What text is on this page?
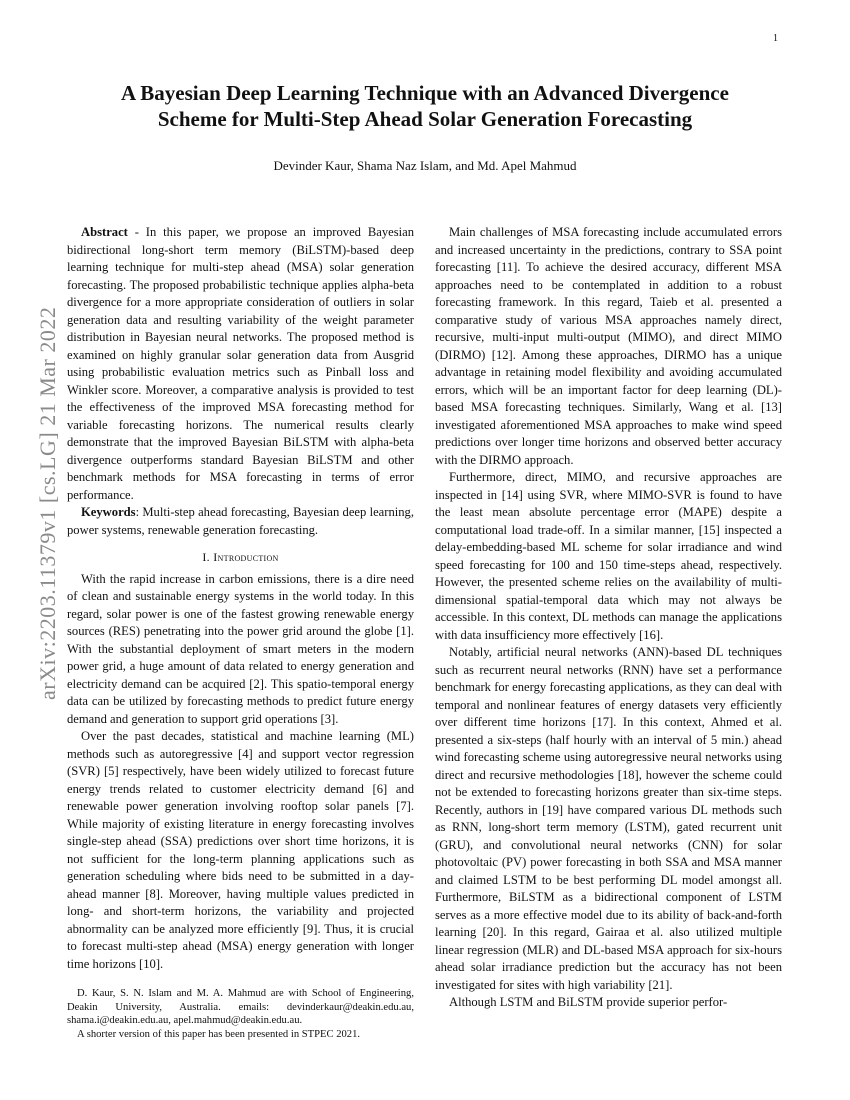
1
arXiv:2203.11379v1 [cs.LG] 21 Mar 2022
A Bayesian Deep Learning Technique with an Advanced Divergence
Scheme for Multi-Step Ahead Solar Generation Forecasting
Devinder Kaur, Shama Naz Islam, and Md. Apel Mahmud

Abstract - In this paper, we propose an improved Bayesian bidirectional long-short term memory (BiLSTM)-based deep learning technique for multi-step ahead (MSA) solar generation forecasting. The proposed probabilistic technique applies alpha-beta divergence for a more appropriate consideration of outliers in solar generation data and resulting variability of the weight parameter distribution in Bayesian neural networks. The proposed method is examined on highly granular solar generation data from Ausgrid using probabilistic evaluation metrics such as Pinball loss and Winkler score. Moreover, a comparative analysis is provided to test the effectiveness of the improved MSA forecasting method for variable forecasting horizons. The numerical results clearly demonstrate that the improved Bayesian BiLSTM with alpha-beta divergence outperforms standard Bayesian BiLSTM and other benchmark methods for MSA forecasting in terms of error performance.

Keywords: Multi-step ahead forecasting, Bayesian deep learning, power systems, renewable generation forecasting.

I. Introduction

With the rapid increase in carbon emissions, there is a dire need of clean and sustainable energy systems in the world today. In this regard, solar power is one of the fastest growing renewable energy sources (RES) penetrating into the power grid around the globe [1]. With the substantial deployment of smart meters in the modern power grid, a huge amount of data related to energy generation and electricity demand can be acquired [2]. This spatio-temporal energy data can be utilized by forecasting methods to predict future energy demand and generation to support grid operations [3].

Over the past decades, statistical and machine learning (ML) methods such as autoregressive [4] and support vector regression (SVR) [5] respectively, have been widely utilized to forecast future energy trends related to customer electricity demand [6] and renewable power generation involving rooftop solar panels [7]. While majority of existing literature in energy forecasting involves single-step ahead (SSA) predictions over short time horizons, it is not sufficient for the long-term planning applications such as generation scheduling where bids need to be submitted in a day-ahead manner [8]. Moreover, having multiple values predicted in long- and short-term horizons, the variability and projected abnormality can be analyzed more efficiently [9]. Thus, it is crucial to forecast multi-step ahead (MSA) energy generation with longer time horizons [10].

D. Kaur, S. N. Islam and M. A. Mahmud are with School of Engineering, Deakin University, Australia. emails: devinderkaur@deakin.edu.au, shama.i@deakin.edu.au, apel.mahmud@deakin.edu.au.

A shorter version of this paper has been presented in STPEC 2021.

Main challenges of MSA forecasting include accumulated errors and increased uncertainty in the predictions, contrary to SSA point forecasting [11]. To achieve the desired accuracy, different MSA approaches need to be contemplated in addition to a robust forecasting framework. In this regard, Taieb et al. presented a comparative study of various MSA approaches namely direct, recursive, multi-input multi-output (MIMO), and direct MIMO (DIRMO) [12]. Among these approaches, DIRMO has a unique advantage in retaining model flexibility and avoiding accumulated errors, which will be an important factor for deep learning (DL)-based MSA forecasting techniques. Similarly, Wang et al. [13] investigated aforementioned MSA approaches to make wind speed predictions over longer time horizons and observed better accuracy with the DIRMO approach.

Furthermore, direct, MIMO, and recursive approaches are inspected in [14] using SVR, where MIMO-SVR is found to have the least mean absolute percentage error (MAPE) despite a computational load trade-off. In a similar manner, [15] inspected a delay-embedding-based ML scheme for solar irradiance and wind speed forecasting for 100 and 150 time-steps ahead, respectively. However, the presented scheme relies on the availability of multi-dimensional spatial-temporal data which may not always be accessible. In this context, DL methods can manage the applications with data insufficiency more effectively [16].

Notably, artificial neural networks (ANN)-based DL techniques such as recurrent neural networks (RNN) have set a performance benchmark for energy forecasting applications, as they can deal with temporal and nonlinear features of energy datasets very efficiently over different time horizons [17]. In this context, Ahmed et al. presented a six-steps (half hourly with an interval of 5 min.) ahead wind forecasting scheme using autoregressive neural networks using direct and recursive methodologies [18], however the scheme could not be extended to forecasting horizons greater than six-time steps. Recently, authors in [19] have compared various DL methods such as RNN, long-short term memory (LSTM), gated recurrent unit (GRU), and convolutional neural networks (CNN) for solar photovoltaic (PV) power forecasting in both SSA and MSA manner and claimed LSTM to be best performing DL model amongst all. Furthermore, BiLSTM as a bidirectional component of LSTM serves as a more effective model due to its ability of back-and-forth learning [20]. In this regard, Gairaa et al. also utilized multiple linear regression (MLR) and DL-based MSA approach for six-hours ahead solar irradiance prediction but the accuracy has not been investigated for sites with high variability [21].

Although LSTM and BiLSTM provide superior perfor-
